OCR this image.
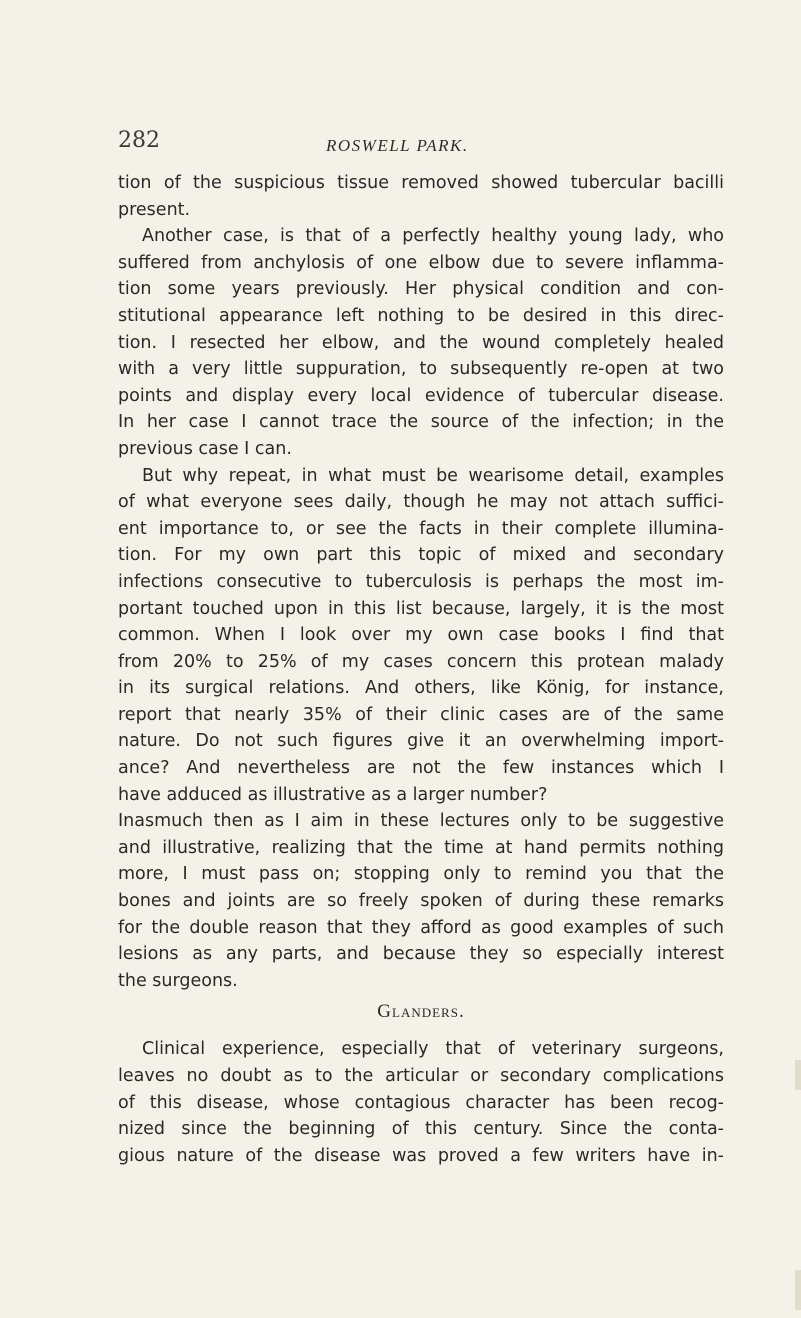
282	ROSWELL PARK.
tion of the suspicious tissue removed showed tubercular bacilli
present.
Another case, is that of a perfectly healthy young lady, who
suffered from anchylosis of one elbow due to severe inflamma-
tion some years previously. Her physical condition and con-
stitutional appearance left nothing to be desired in this direc-
tion. I resected her elbow, and the wound completely healed
with a very little suppuration, to subsequently re-open at two
points and display every local evidence of tubercular disease.
In her case I cannot trace the source of the infection; in the
previous case I can.
But why repeat, in what must be wearisome detail, examples
of what everyone sees daily, though he may not attach suffici-
ent importance to, or see the facts in their complete illumina-
tion. For my own part this topic of mixed and secondary
infections consecutive to tuberculosis is perhaps the most im-
portant touched upon in this list because, largely, it is the most
common. When I look over my own case books I find that
from 20% to 25% of my cases concern this protean malady
in its surgical relations. And others, like König, for instance,
report that nearly 35% of their clinic cases are of the same
nature. Do not such figures give it an overwhelming import-
ance? And nevertheless are not the few instances which I
have adduced as illustrative as a larger number?
Inasmuch then as I aim in these lectures only to be suggestive
and illustrative, realizing that the time at hand permits nothing
more, I must pass on; stopping only to remind you that the
bones and joints are so freely spoken of during these remarks
for the double reason that they afford as good examples of such
lesions as any parts, and because they so especially interest
the surgeons.
Glanders.
Clinical experience, especially that of veterinary surgeons,
leaves no doubt as to the articular or secondary complications
of this disease, whose contagious character has been recog-
nized since the beginning of this century. Since the conta-
gious nature of the disease was proved a few writers have in-
